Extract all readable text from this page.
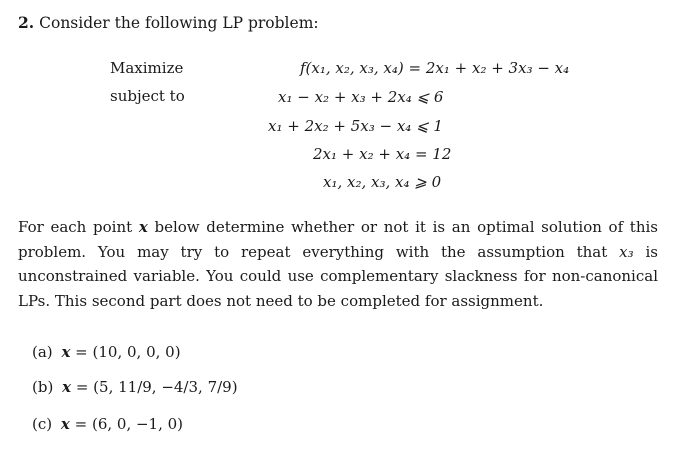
2. Consider the following LP problem:
Maximize
subject to
f(x₁, x₂, x₃, x₄) = 2x₁ + x₂ + 3x₃ − x₄
x₁ − x₂ + x₃ + 2x₄ ⩽ 6
x₁ + 2x₂ + 5x₃ − x₄ ⩽ 1
2x₁ + x₂ + x₄ = 12
x₁, x₂, x₃, x₄ ⩾ 0
For each point x below determine whether or not it is an optimal solution of this problem. You may try to repeat everything with the assumption that x₃ is unconstrained variable. You could use complementary slackness for non-canonical LPs. This second part does not need to be completed for assignment.
(a) x = (10, 0, 0, 0)
(b) x = (5, 11/9, −4/3, 7/9)
(c) x = (6, 0, −1, 0)
